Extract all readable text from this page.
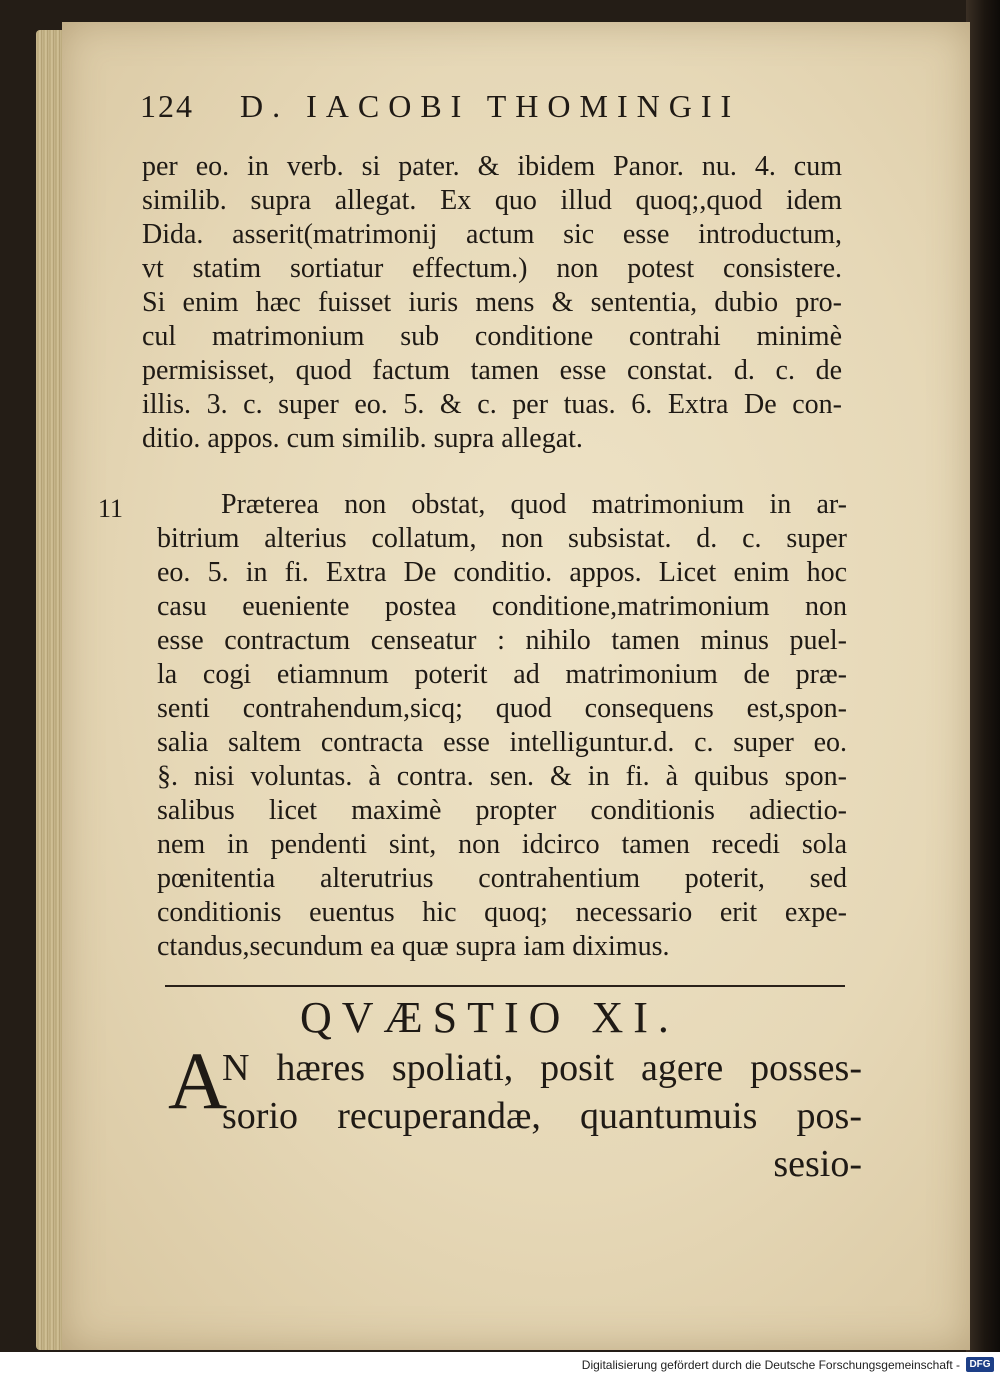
124 D. IACOBI THOMINGII
per eo. in verb. si pater. & ibidem Panor. nu. 4. cum
similib. supra allegat. Ex quo illud quoq;,quod idem
Dida. asserit(matrimonij actum sic esse introductum,
vt statim sortiatur effectum.) non potest consistere.
Si enim hæc fuisset iuris mens & sententia, dubio pro-
cul matrimonium sub conditione contrahi minimè
permisisset, quod factum tamen esse constat. d. c. de
illis. 3. c. super eo. 5. & c. per tuas. 6. Extra De con-
ditio. appos. cum similib. supra allegat.
11	Præterea non obstat, quod matrimonium in ar-
bitrium alterius collatum, non subsistat. d. c. super
eo. 5. in fi. Extra De conditio. appos. Licet enim hoc
casu eueniente postea conditione,matrimonium non
esse contractum censeatur : nihilo tamen minus puel-
la cogi etiamnum poterit ad matrimonium de præ-
senti contrahendum,sicq; quod consequens est,spon-
salia saltem contracta esse intelliguntur.d. c. super eo.
§. nisi voluntas. à contra. sen. & in fi. à quibus spon-
salibus licet maximè propter conditionis adiectio-
nem in pendenti sint, non idcirco tamen recedi sola
pœnitentia alterutrius contrahentium poterit, sed
conditionis euentus hic quoq; necessario erit expe-
ctandus,secundum ea quæ supra iam diximus.
QVÆSTIO XI.
A
N hæres spoliati, posit agere posses-
sorio recuperandæ, quantumuis pos-
sesio-
Digitalisierung gefördert durch die Deutsche Forschungsgemeinschaft - DFG
